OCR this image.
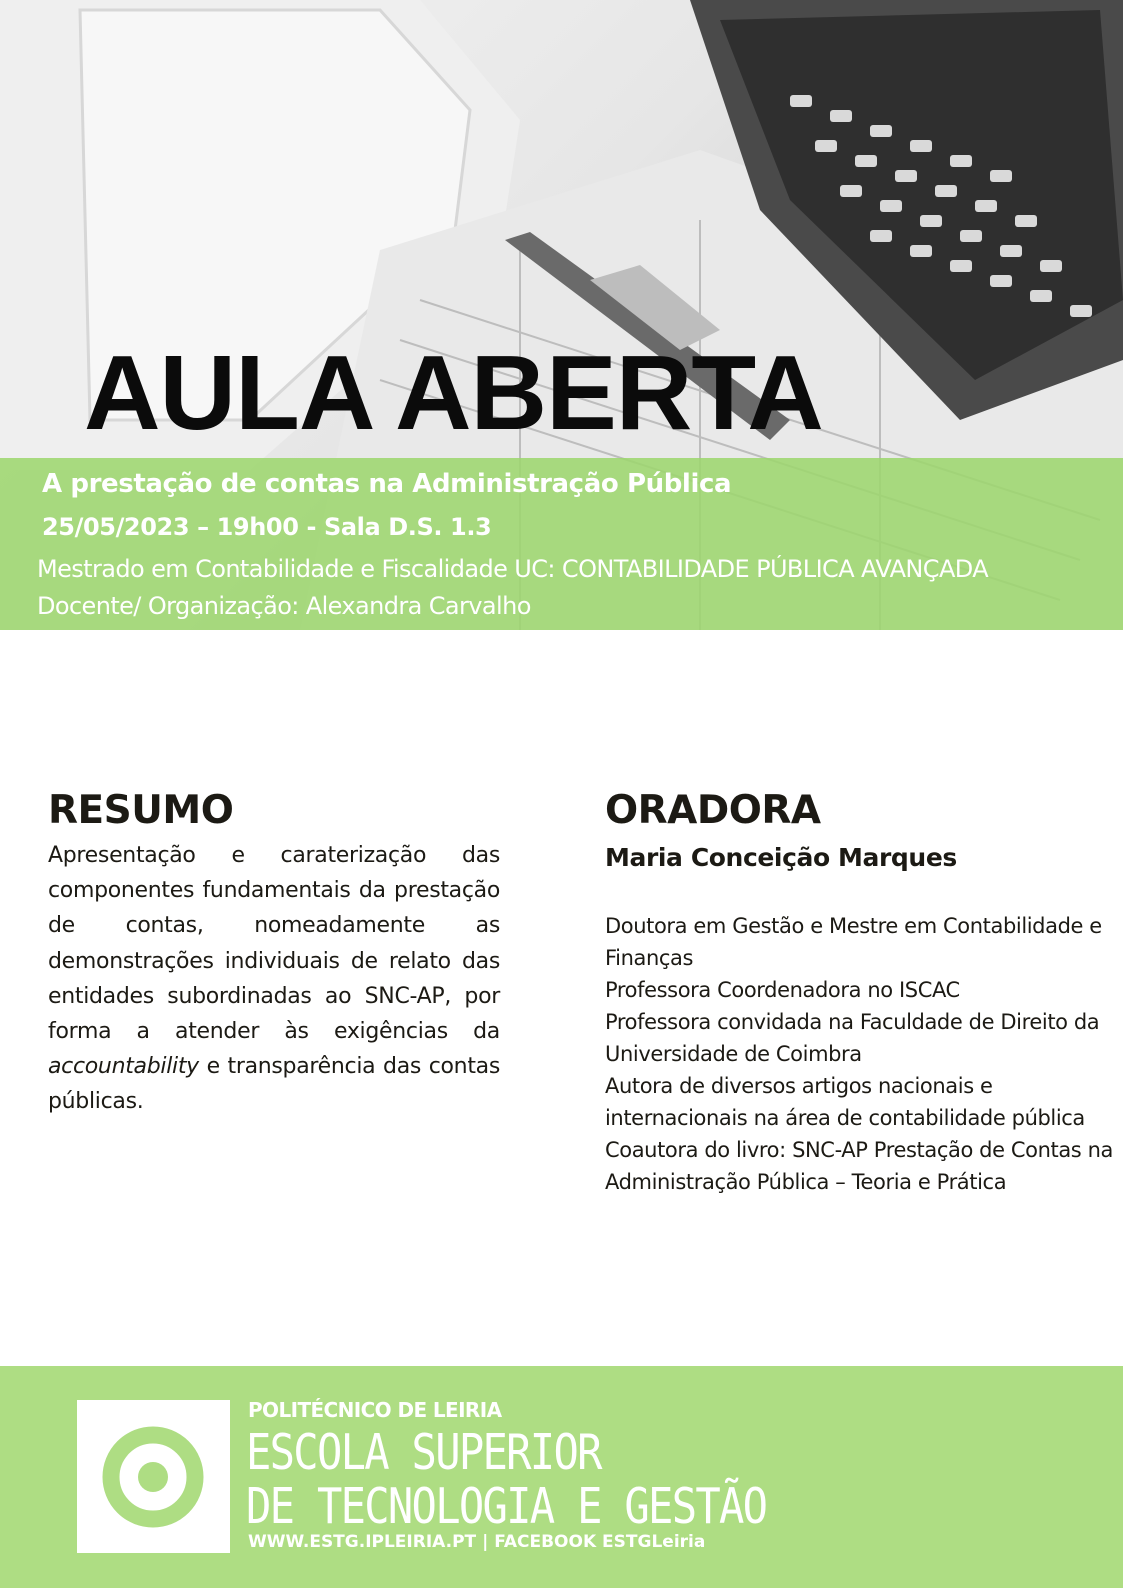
AULA ABERTA

A prestação de contas na Administração Pública

25/05/2023 – 19h00 - Sala D.S. 1.3

Mestrado em Contabilidade e Fiscalidade UC: CONTABILIDADE PÚBLICA AVANÇADA

Docente/ Organização: Alexandra Carvalho

RESUMO

Apresentação e caraterização das componentes fundamentais da prestação de contas, nomeadamente as demonstrações individuais de relato das entidades subordinadas ao SNC-AP, por forma a atender às exigências da accountability e transparência das contas públicas.

ORADORA

Maria Conceição Marques

Doutora em Gestão e Mestre em Contabilidade e Finanças
Professora Coordenadora no ISCAC
Professora convidada na Faculdade de Direito da Universidade de Coimbra
Autora de diversos artigos nacionais e internacionais na área de contabilidade pública
Coautora do livro: SNC-AP Prestação de Contas na Administração Pública – Teoria e Prática

POLITÉCNICO DE LEIRIA

ESCOLA SUPERIOR

DE TECNOLOGIA E GESTÃO

WWW.ESTG.IPLEIRIA.PT | FACEBOOK ESTGLeiria
